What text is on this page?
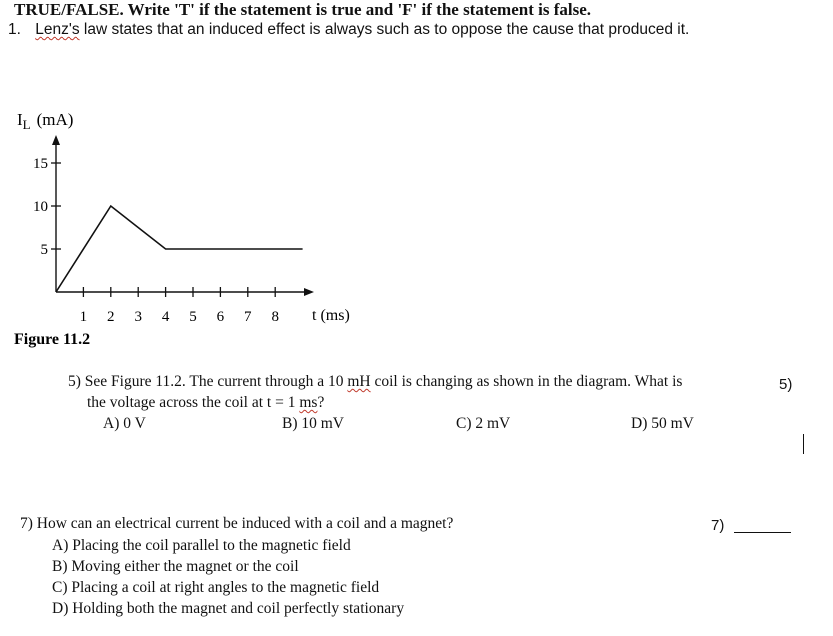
TRUE/FALSE. Write 'T' if the statement is true and 'F' if the statement is false.
1. Lenz's law states that an induced effect is always such as to oppose the cause that produced it.
$I_L$ (mA)
5
10
15
1 2 3 4 5 6 7 8 t (ms)
Figure 11.2
5) See Figure 11.2. The current through a 10 mH coil is changing as shown in the diagram. What is
the voltage across the coil at t = 1 ms?
5)
A) 0 V	B) 10 mV	C) 2 mV	D) 50 mV
7) How can an electrical current be induced with a coil and a magnet?	7)
A) Placing the coil parallel to the magnetic field
B) Moving either the magnet or the coil
C) Placing a coil at right angles to the magnetic field
D) Holding both the magnet and coil perfectly stationary
